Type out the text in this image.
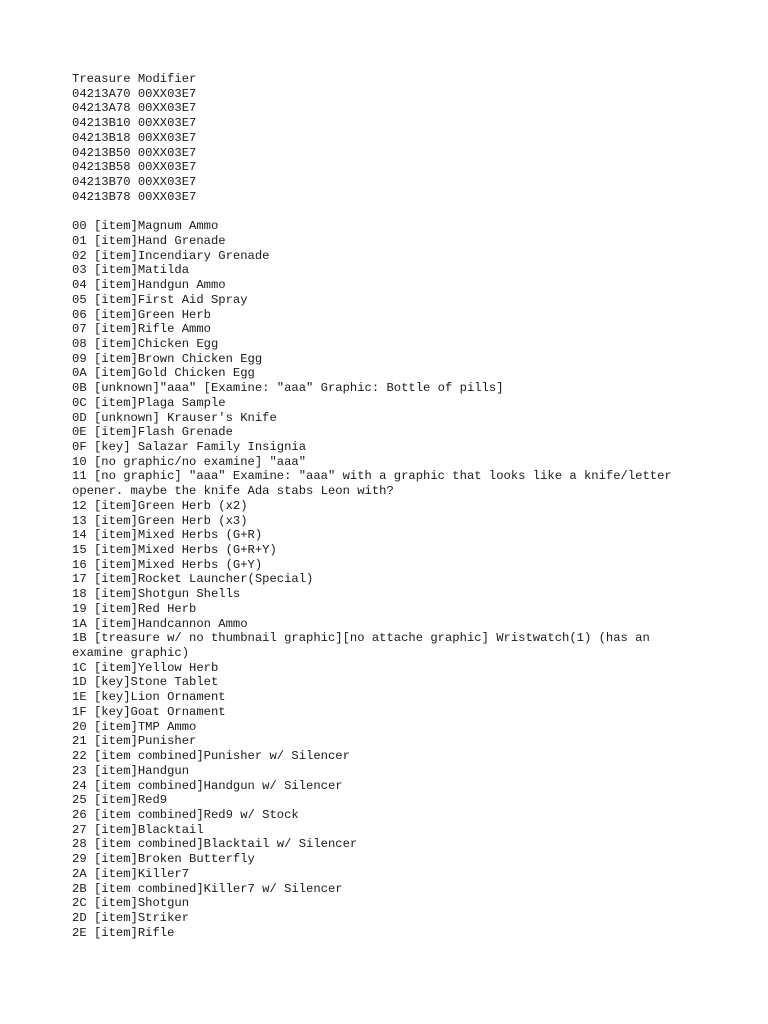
Treasure Modifier
04213A70 00XX03E7
04213A78 00XX03E7
04213B10 00XX03E7
04213B18 00XX03E7
04213B50 00XX03E7
04213B58 00XX03E7
04213B70 00XX03E7
04213B78 00XX03E7
00 [item]Magnum Ammo
01 [item]Hand Grenade
02 [item]Incendiary Grenade
03 [item]Matilda
04 [item]Handgun Ammo
05 [item]First Aid Spray
06 [item]Green Herb
07 [item]Rifle Ammo
08 [item]Chicken Egg
09 [item]Brown Chicken Egg
0A [item]Gold Chicken Egg
0B [unknown]"aaa" [Examine: "aaa" Graphic: Bottle of pills]
0C [item]Plaga Sample
0D [unknown] Krauser's Knife
0E [item]Flash Grenade
0F [key] Salazar Family Insignia
10 [no graphic/no examine] "aaa"
11 [no graphic] "aaa" Examine: "aaa" with a graphic that looks like a knife/letter opener. maybe the knife Ada stabs Leon with?
12 [item]Green Herb (x2)
13 [item]Green Herb (x3)
14 [item]Mixed Herbs (G+R)
15 [item]Mixed Herbs (G+R+Y)
16 [item]Mixed Herbs (G+Y)
17 [item]Rocket Launcher(Special)
18 [item]Shotgun Shells
19 [item]Red Herb
1A [item]Handcannon Ammo
1B [treasure w/ no thumbnail graphic][no attache graphic] Wristwatch(1) (has an examine graphic)
1C [item]Yellow Herb
1D [key]Stone Tablet
1E [key]Lion Ornament
1F [key]Goat Ornament
20 [item]TMP Ammo
21 [item]Punisher
22 [item combined]Punisher w/ Silencer
23 [item]Handgun
24 [item combined]Handgun w/ Silencer
25 [item]Red9
26 [item combined]Red9 w/ Stock
27 [item]Blacktail
28 [item combined]Blacktail w/ Silencer
29 [item]Broken Butterfly
2A [item]Killer7
2B [item combined]Killer7 w/ Silencer
2C [item]Shotgun
2D [item]Striker
2E [item]Rifle
